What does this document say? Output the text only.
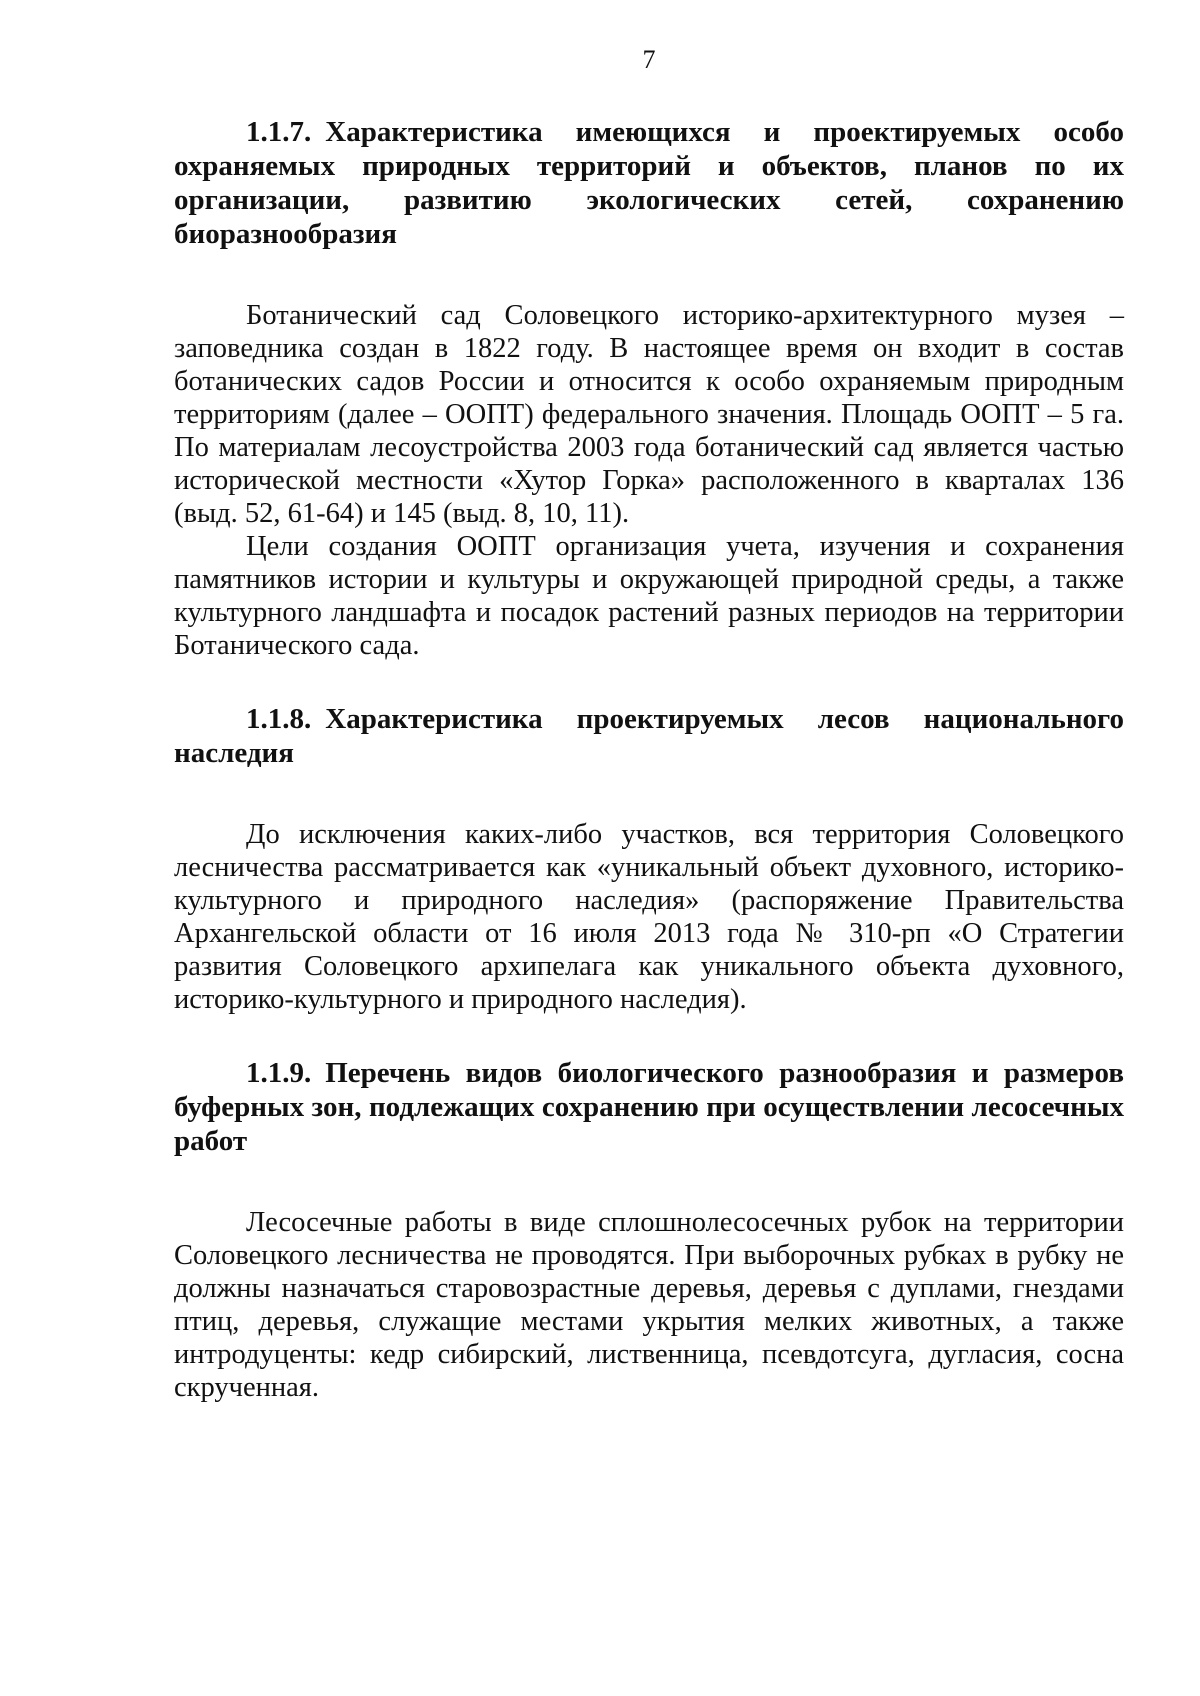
7

1.1.7. Характеристика имеющихся и проектируемых особо охраняемых природных территорий и объектов, планов по их организации, развитию экологических сетей, сохранению биоразнообразия

Ботанический сад Соловецкого историко-архитектурного музея – заповедника создан в 1822 году. В настоящее время он входит в состав ботанических садов России и относится к особо охраняемым природным территориям (далее – ООПТ) федерального значения. Площадь ООПТ – 5 га. По материалам лесоустройства 2003 года ботанический сад является частью исторической местности «Хутор Горка» расположенного в кварталах 136 (выд. 52, 61-64) и 145 (выд. 8, 10, 11).

Цели создания ООПТ организация учета, изучения и сохранения памятников истории и культуры и окружающей природной среды, а также культурного ландшафта и посадок растений разных периодов на территории Ботанического сада.

1.1.8. Характеристика проектируемых лесов национального наследия

До исключения каких-либо участков, вся территория Соловецкого лесничества рассматривается как «уникальный объект духовного, историко-культурного и природного наследия» (распоряжение Правительства Архангельской области от 16 июля 2013 года № 310-рп «О Стратегии развития Соловецкого архипелага как уникального объекта духовного, историко-культурного и природного наследия).

1.1.9. Перечень видов биологического разнообразия и размеров буферных зон, подлежащих сохранению при осуществлении лесосечных работ

Лесосечные работы в виде сплошнолесосечных рубок на территории Соловецкого лесничества не проводятся. При выборочных рубках в рубку не должны назначаться старовозрастные деревья, деревья с дуплами, гнездами птиц, деревья, служащие местами укрытия мелких животных, а также интродуценты: кедр сибирский, лиственница, псевдотсуга, дугласия, сосна скрученная.
